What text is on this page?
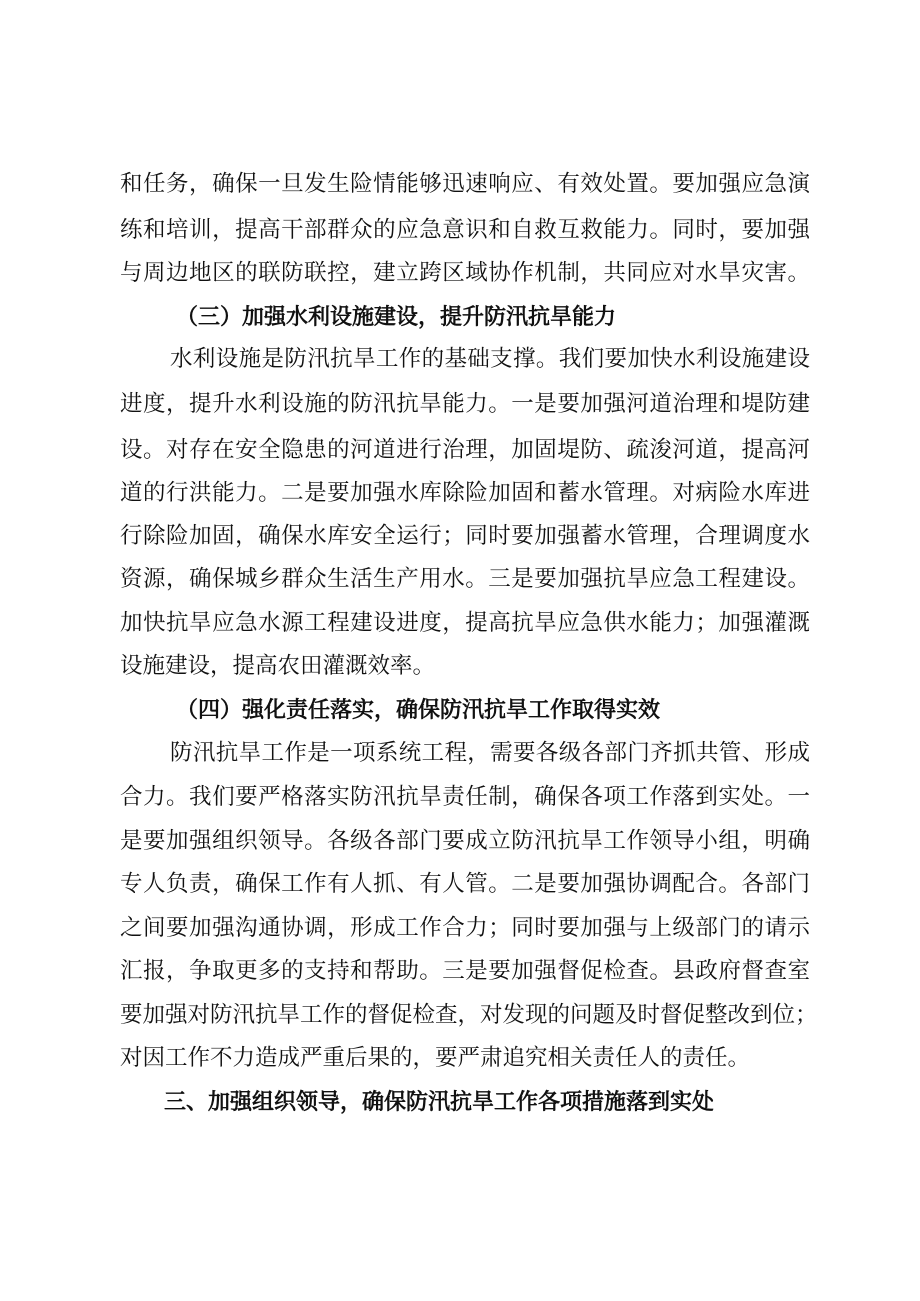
和任务，确保一旦发生险情能够迅速响应、有效处置。要加强应急演
练和培训，提高干部群众的应急意识和自救互救能力。同时，要加强
与周边地区的联防联控，建立跨区域协作机制，共同应对水旱灾害。
（三）加强水利设施建设，提升防汛抗旱能力
水利设施是防汛抗旱工作的基础支撑。我们要加快水利设施建设
进度，提升水利设施的防汛抗旱能力。一是要加强河道治理和堤防建
设。对存在安全隐患的河道进行治理，加固堤防、疏浚河道，提高河
道的行洪能力。二是要加强水库除险加固和蓄水管理。对病险水库进
行除险加固，确保水库安全运行；同时要加强蓄水管理，合理调度水
资源，确保城乡群众生活生产用水。三是要加强抗旱应急工程建设。
加快抗旱应急水源工程建设进度，提高抗旱应急供水能力；加强灌溉
设施建设，提高农田灌溉效率。
（四）强化责任落实，确保防汛抗旱工作取得实效
防汛抗旱工作是一项系统工程，需要各级各部门齐抓共管、形成
合力。我们要严格落实防汛抗旱责任制，确保各项工作落到实处。一
是要加强组织领导。各级各部门要成立防汛抗旱工作领导小组，明确
专人负责，确保工作有人抓、有人管。二是要加强协调配合。各部门
之间要加强沟通协调，形成工作合力；同时要加强与上级部门的请示
汇报，争取更多的支持和帮助。三是要加强督促检查。县政府督查室
要加强对防汛抗旱工作的督促检查，对发现的问题及时督促整改到位；
对因工作不力造成严重后果的，要严肃追究相关责任人的责任。
三、加强组织领导，确保防汛抗旱工作各项措施落到实处
